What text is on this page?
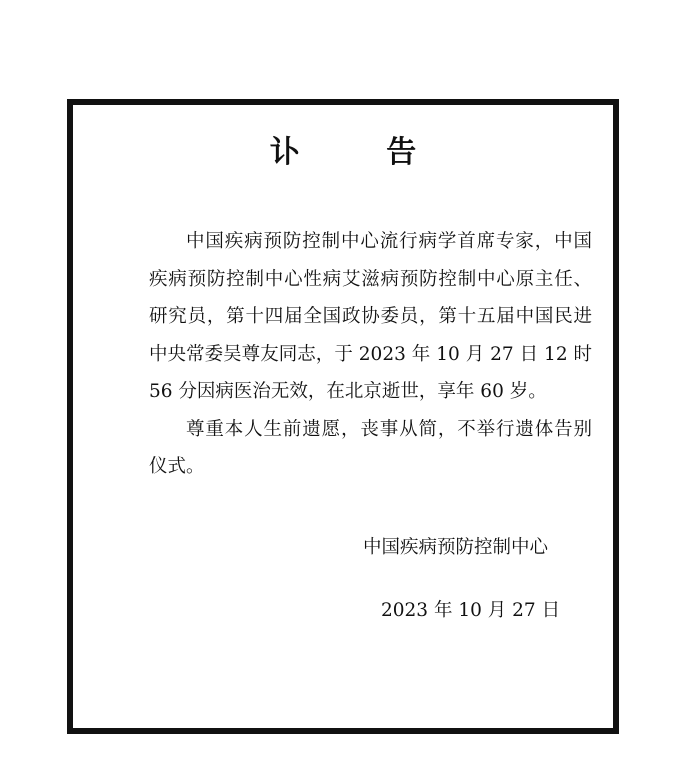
讣 告

中国疾病预防控制中心流行病学首席专家，中国疾病预防控制中心性病艾滋病预防控制中心原主任、研究员，第十四届全国政协委员，第十五届中国民进中央常委吴尊友同志，于 2023 年 10 月 27 日 12 时 56 分因病医治无效，在北京逝世，享年 60 岁。

尊重本人生前遗愿，丧事从简，不举行遗体告别仪式。

中国疾病预防控制中心
2023 年 10 月 27 日
